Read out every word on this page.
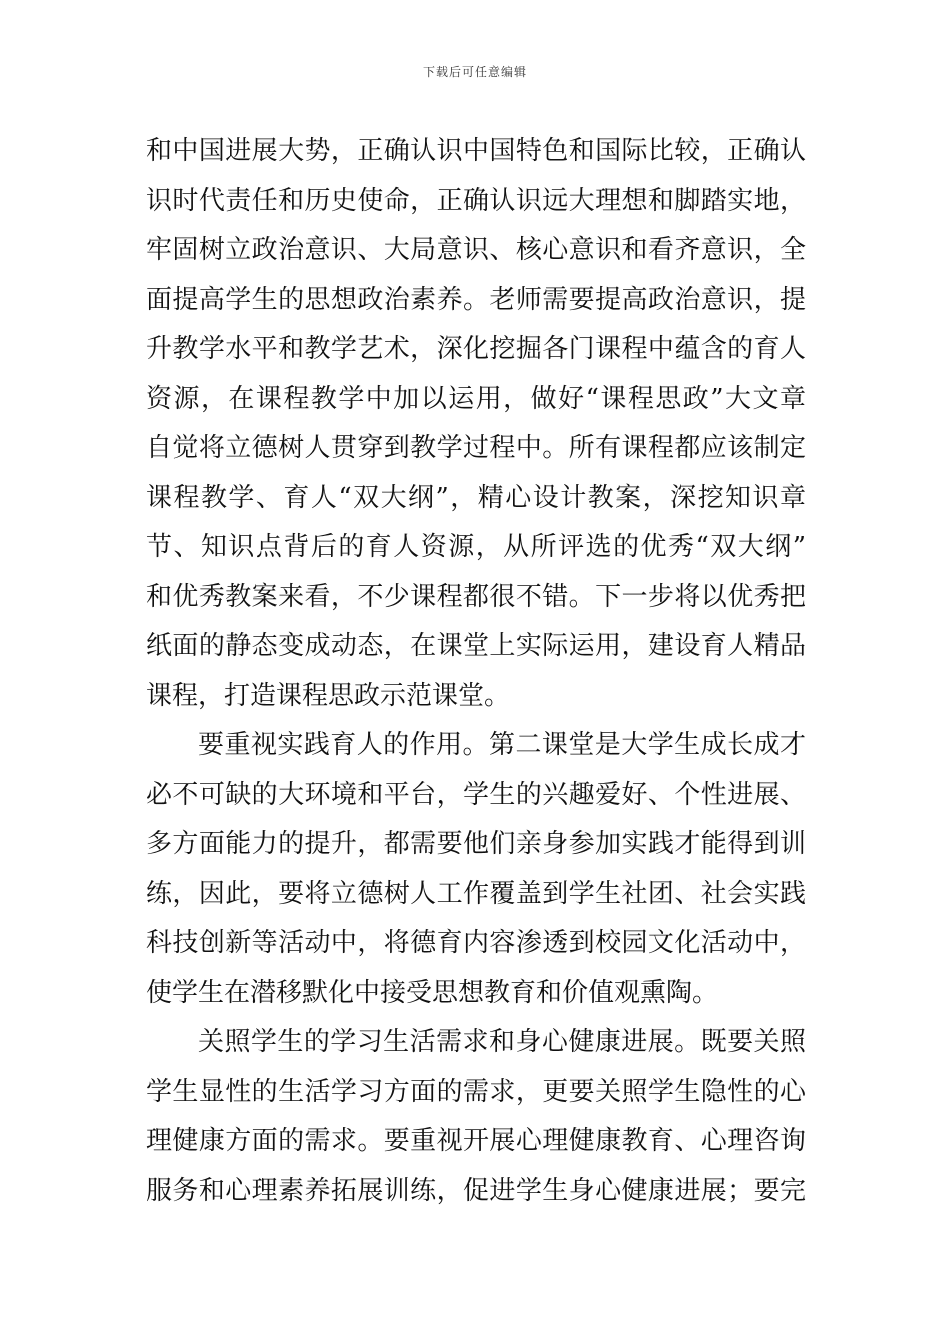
下载后可任意编辑
和中国进展大势，正确认识中国特色和国际比较，正确认
识时代责任和历史使命，正确认识远大理想和脚踏实地，
牢固树立政治意识、大局意识、核心意识和看齐意识，全
面提高学生的思想政治素养。老师需要提高政治意识，提
升教学水平和教学艺术，深化挖掘各门课程中蕴含的育人
资源，在课程教学中加以运用，做好“课程思政”大文章
自觉将立德树人贯穿到教学过程中。所有课程都应该制定
课程教学、育人“双大纲”，精心设计教案，深挖知识章
节、知识点背后的育人资源，从所评选的优秀“双大纲”
和优秀教案来看，不少课程都很不错。下一步将以优秀把
纸面的静态变成动态，在课堂上实际运用，建设育人精品
课程，打造课程思政示范课堂。
要重视实践育人的作用。第二课堂是大学生成长成才
必不可缺的大环境和平台，学生的兴趣爱好、个性进展、
多方面能力的提升，都需要他们亲身参加实践才能得到训
练，因此，要将立德树人工作覆盖到学生社团、社会实践
科技创新等活动中，将德育内容渗透到校园文化活动中，
使学生在潜移默化中接受思想教育和价值观熏陶。
关照学生的学习生活需求和身心健康进展。既要关照
学生显性的生活学习方面的需求，更要关照学生隐性的心
理健康方面的需求。要重视开展心理健康教育、心理咨询
服务和心理素养拓展训练，促进学生身心健康进展；要完
